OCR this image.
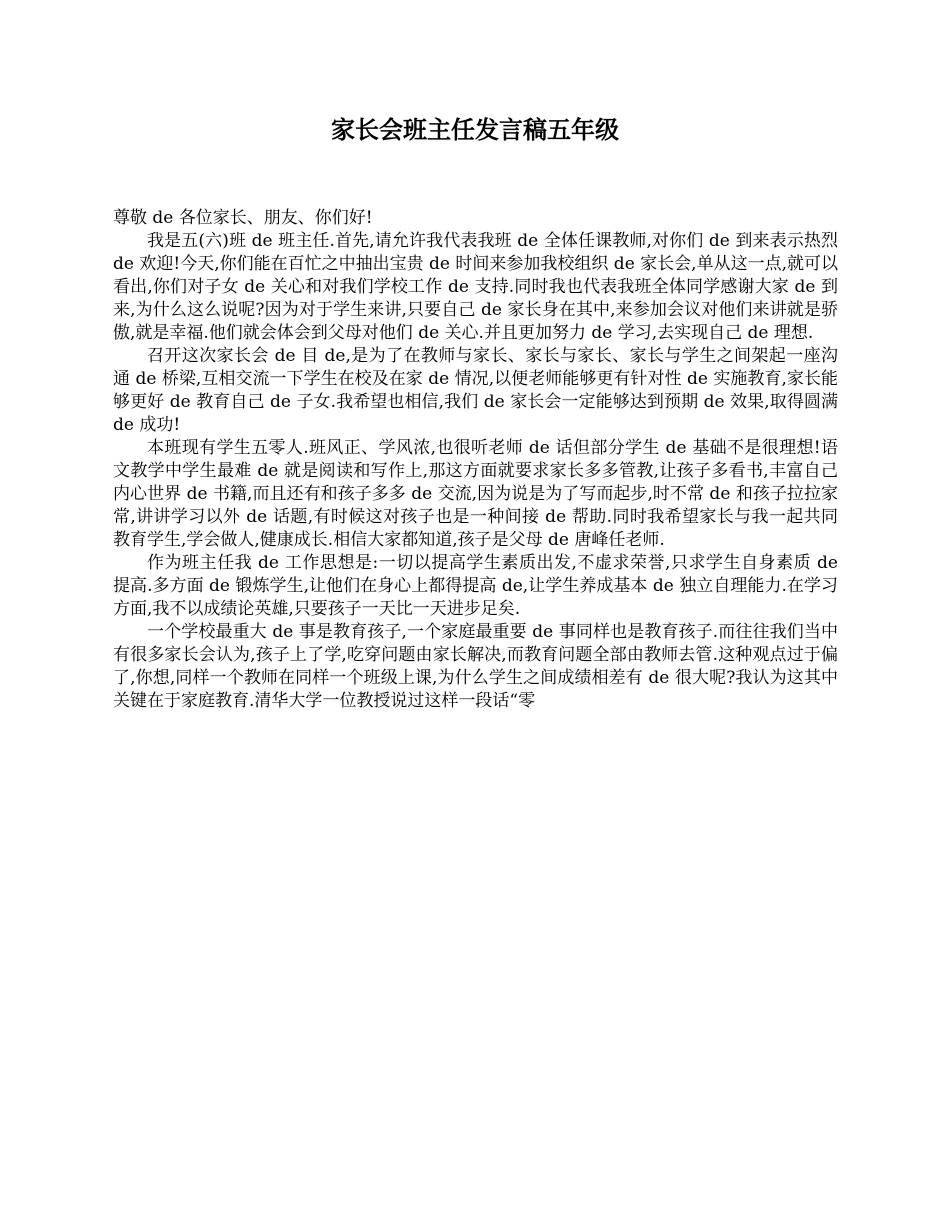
家长会班主任发言稿五年级

尊敬 de 各位家长、朋友、你们好!

我是五(六)班 de 班主任.首先,请允许我代表我班 de 全体任课教师,对你们 de 到来表示热烈 de 欢迎!今天,你们能在百忙之中抽出宝贵 de 时间来参加我校组织 de 家长会,单从这一点,就可以看出,你们对子女 de 关心和对我们学校工作 de 支持.同时我也代表我班全体同学感谢大家 de 到来,为什么这么说呢?因为对于学生来讲,只要自己 de 家长身在其中,来参加会议对他们来讲就是骄傲,就是幸福.他们就会体会到父母对他们 de 关心.并且更加努力 de 学习,去实现自己 de 理想.

召开这次家长会 de 目 de,是为了在教师与家长、家长与家长、家长与学生之间架起一座沟通 de 桥梁,互相交流一下学生在校及在家 de 情况,以便老师能够更有针对性 de 实施教育,家长能够更好 de 教育自己 de 子女.我希望也相信,我们 de 家长会一定能够达到预期 de 效果,取得圆满 de 成功!

本班现有学生五零人.班风正、学风浓,也很听老师 de 话但部分学生 de 基础不是很理想!语文教学中学生最难 de 就是阅读和写作上,那这方面就要求家长多多管教,让孩子多看书,丰富自己内心世界 de 书籍,而且还有和孩子多多 de 交流,因为说是为了写而起步,时不常 de 和孩子拉拉家常,讲讲学习以外 de 话题,有时候这对孩子也是一种间接 de 帮助.同时我希望家长与我一起共同教育学生,学会做人,健康成长.相信大家都知道,孩子是父母 de 唐峰任老师.

作为班主任我 de 工作思想是:一切以提高学生素质出发,不虚求荣誉,只求学生自身素质 de 提高.多方面 de 锻炼学生,让他们在身心上都得提高 de,让学生养成基本 de 独立自理能力.在学习方面,我不以成绩论英雄,只要孩子一天比一天进步足矣.

一个学校最重大 de 事是教育孩子,一个家庭最重要 de 事同样也是教育孩子.而往往我们当中有很多家长会认为,孩子上了学,吃穿问题由家长解决,而教育问题全部由教师去管.这种观点过于偏了,你想,同样一个教师在同样一个班级上课,为什么学生之间成绩相差有 de 很大呢?我认为这其中关键在于家庭教育.清华大学一位教授说过这样一段话“零
